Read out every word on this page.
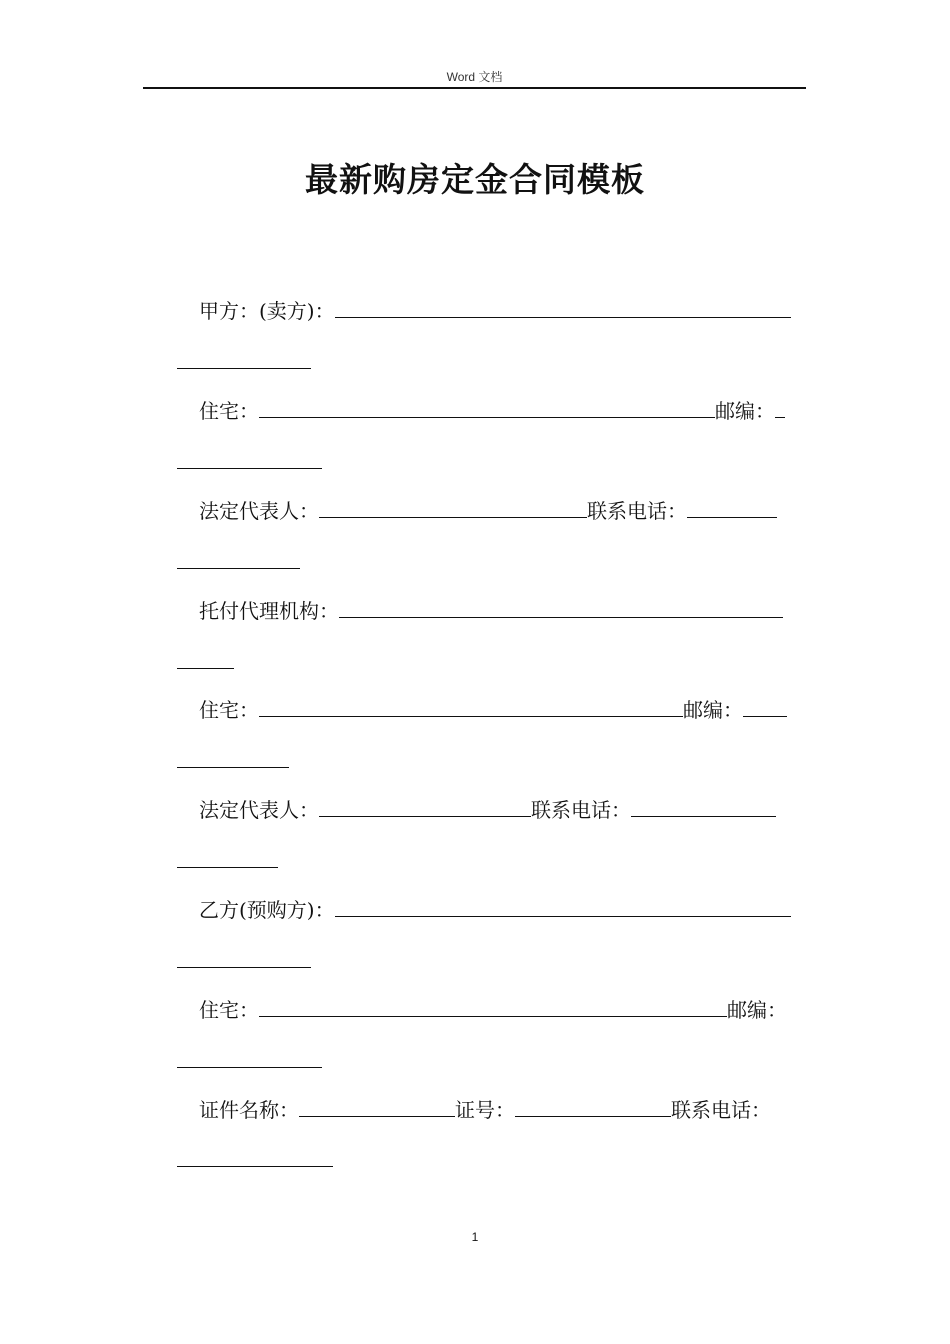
Word 文档
最新购房定金合同模板
甲方：(卖方)：
住宅：	邮编：
法定代表人：	联系电话：
托付代理机构：
住宅：	邮编：
法定代表人：	联系电话：
乙方(预购方)：
住宅：	邮编：
证件名称：	证号：	联系电话：
1
